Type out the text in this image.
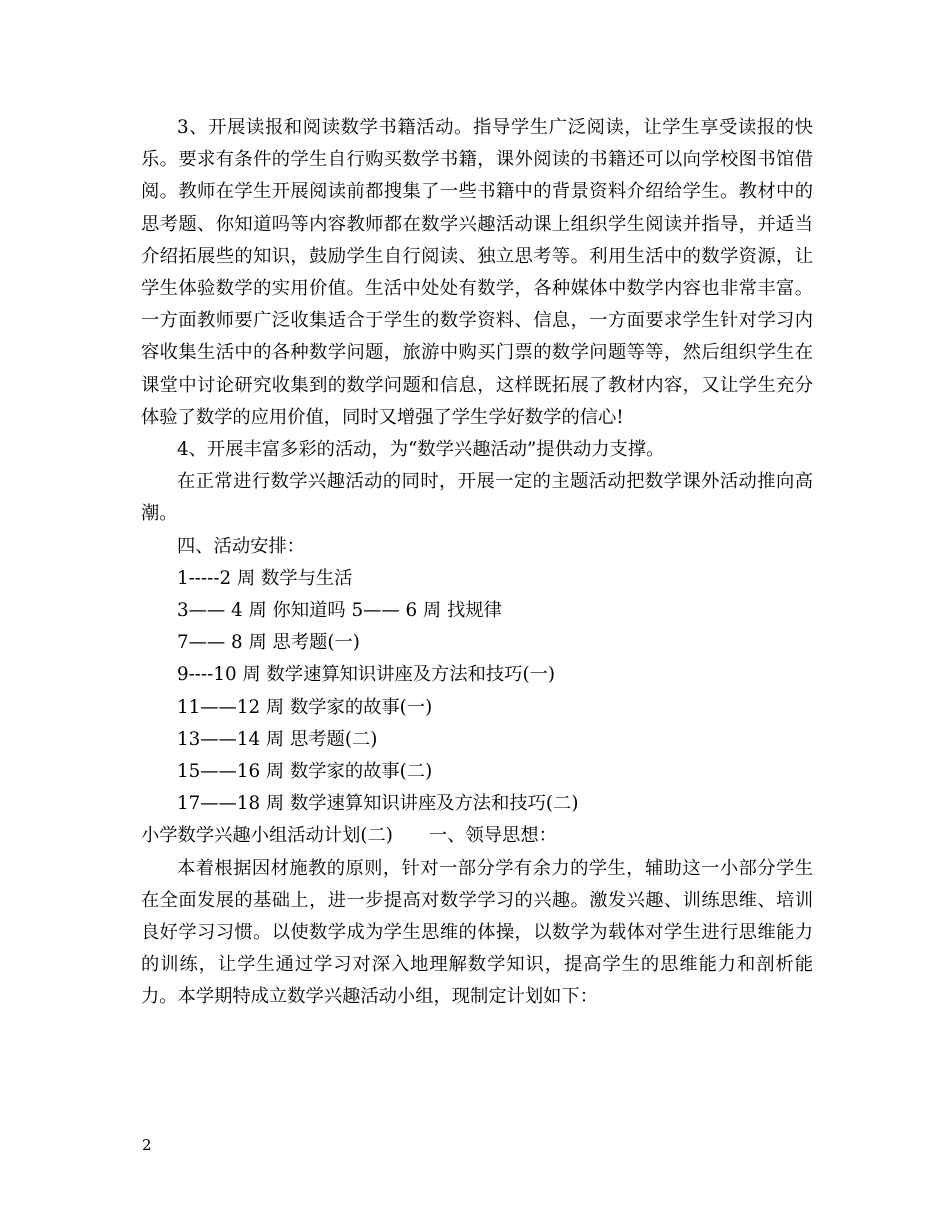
3、开展读报和阅读数学书籍活动。指导学生广泛阅读，让学生享受读报的快乐。要求有条件的学生自行购买数学书籍，课外阅读的书籍还可以向学校图书馆借阅。教师在学生开展阅读前都搜集了一些书籍中的背景资料介绍给学生。教材中的思考题、你知道吗等内容教师都在数学兴趣活动课上组织学生阅读并指导，并适当介绍拓展些的知识，鼓励学生自行阅读、独立思考等。利用生活中的数学资源，让学生体验数学的实用价值。生活中处处有数学，各种媒体中数学内容也非常丰富。一方面教师要广泛收集适合于学生的数学资料、信息，一方面要求学生针对学习内容收集生活中的各种数学问题，旅游中购买门票的数学问题等等，然后组织学生在课堂中讨论研究收集到的数学问题和信息，这样既拓展了教材内容，又让学生充分体验了数学的应用价值，同时又增强了学生学好数学的信心!

4、开展丰富多彩的活动，为“数学兴趣活动”提供动力支撑。

在正常进行数学兴趣活动的同时，开展一定的主题活动把数学课外活动推向高潮。

四、活动安排：

1-----2 周 数学与生活

3—— 4 周 你知道吗 5—— 6 周 找规律

7—— 8 周 思考题(一)

9----10 周 数学速算知识讲座及方法和技巧(一)

11——12 周 数学家的故事(一)

13——14 周 思考题(二)

15——16 周 数学家的故事(二)

17——18 周 数学速算知识讲座及方法和技巧(二)

小学数学兴趣小组活动计划(二) 一、领导思想：

本着根据因材施教的原则，针对一部分学有余力的学生，辅助这一小部分学生在全面发展的基础上，进一步提高对数学学习的兴趣。激发兴趣、训练思维、培训良好学习习惯。以使数学成为学生思维的体操，以数学为载体对学生进行思维能力的训练，让学生通过学习对深入地理解数学知识，提高学生的思维能力和剖析能力。本学期特成立数学兴趣活动小组，现制定计划如下：

2
